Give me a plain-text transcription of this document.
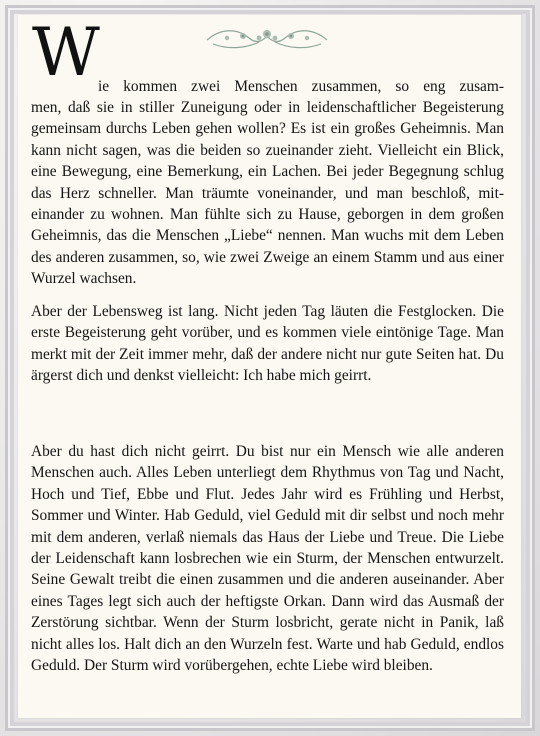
W ie kommen zwei Menschen zusammen, so eng zusam-

men, daß sie in stiller Zuneigung oder in leidenschaftlicher Begeisterung gemeinsam durchs Leben gehen wollen? Es ist ein großes Geheimnis. Man kann nicht sagen, was die beiden so zueinander zieht. Vielleicht ein Blick, eine Bewegung, eine Bemerkung, ein Lachen. Bei jeder Begegnung schlug das Herz schneller. Man träumte voneinander, und man beschloß, miteinander zu wohnen. Man fühlte sich zu Hause, geborgen in dem großen Geheimnis, das die Menschen „Liebe“ nennen. Man wuchs mit dem Leben des anderen zusammen, so, wie zwei Zweige an einem Stamm und aus einer Wurzel wachsen.

Aber der Lebensweg ist lang. Nicht jeden Tag läuten die Festglocken. Die erste Begeisterung geht vorüber, und es kommen viele eintönige Tage. Man merkt mit der Zeit immer mehr, daß der andere nicht nur gute Seiten hat. Du ärgerst dich und denkst vielleicht: Ich habe mich geirrt.

Aber du hast dich nicht geirrt. Du bist nur ein Mensch wie alle anderen Menschen auch. Alles Leben unterliegt dem Rhythmus von Tag und Nacht, Hoch und Tief, Ebbe und Flut. Jedes Jahr wird es Frühling und Herbst, Sommer und Winter. Hab Geduld, viel Geduld mit dir selbst und noch mehr mit dem anderen, verlaß niemals das Haus der Liebe und Treue. Die Liebe der Leidenschaft kann losbrechen wie ein Sturm, der Menschen entwurzelt. Seine Gewalt treibt die einen zusammen und die anderen auseinander. Aber eines Tages legt sich auch der heftigste Orkan. Dann wird das Ausmaß der Zerstörung sichtbar. Wenn der Sturm losbricht, gerate nicht in Panik, laß nicht alles los. Halt dich an den Wurzeln fest. Warte und hab Geduld, endlos Geduld. Der Sturm wird vorübergehen, echte Liebe wird bleiben.
